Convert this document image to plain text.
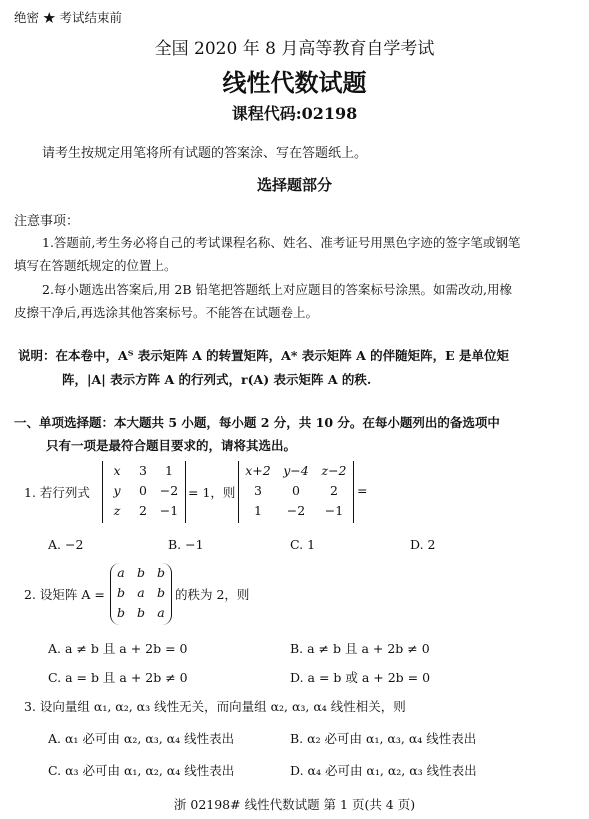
绝密 ★ 考试结束前
全国 2020 年 8 月高等教育自学考试
线性代数试题
课程代码:02198
请考生按规定用笔将所有试题的答案涂、写在答题纸上。
选择题部分
注意事项：
1.答题前,考生务必将自己的考试课程名称、姓名、准考证号用黑色字迹的签字笔或钢笔
填写在答题纸规定的位置上。
2.每小题选出答案后,用 2B 铅笔把答题纸上对应题目的答案标号涂黑。如需改动,用橡
皮擦干净后,再选涂其他答案标号。不能答在试题卷上。
说明：在本卷中，Aᵀ 表示矩阵 A 的转置矩阵，A* 表示矩阵 A 的伴随矩阵，E 是单位矩
阵，|A| 表示方阵 A 的行列式，r(A) 表示矩阵 A 的秩.
一、单项选择题：本大题共 5 小题，每小题 2 分，共 10 分。在每小题列出的备选项中
只有一项是最符合题目要求的，请将其选出。
1. 若行列式
x	3	1
y	0	−2
z	2	−1
= 1，则
x+2	y−4	z−2
3	0	2
1	−2	−1
=
A. −2	B. −1	C. 1	D. 2
2. 设矩阵 A =
a b b
b a b
b b a
的秩为 2，则
A. a ≠ b 且 a + 2b = 0	B. a ≠ b 且 a + 2b ≠ 0
C. a = b 且 a + 2b ≠ 0	D. a = b 或 a + 2b = 0
3. 设向量组 α₁, α₂, α₃ 线性无关，而向量组 α₂, α₃, α₄ 线性相关，则
A. α₁ 必可由 α₂, α₃, α₄ 线性表出	B. α₂ 必可由 α₁, α₃, α₄ 线性表出
C. α₃ 必可由 α₁, α₂, α₄ 线性表出	D. α₄ 必可由 α₁, α₂, α₃ 线性表出
浙 02198# 线性代数试题 第 1 页(共 4 页)
